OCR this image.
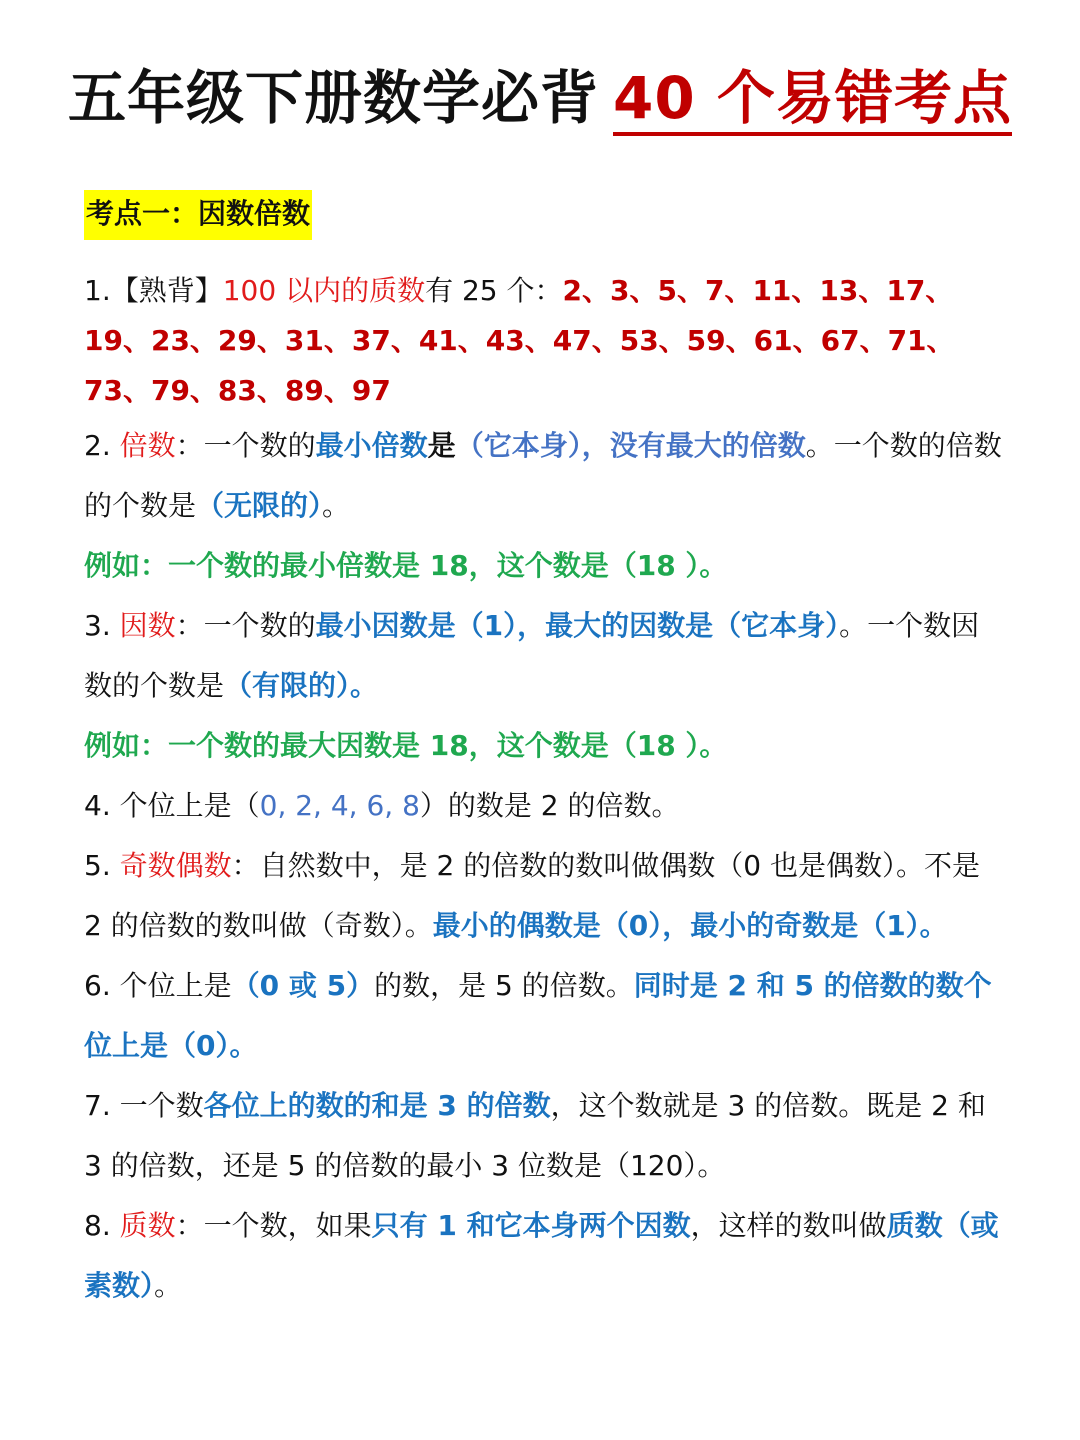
五年级下册数学必背 40 个易错考点
考点一：因数倍数

1.【熟背】100 以内的质数有 25 个：2、3、5、7、11、13、17、19、23、29、31、37、41、43、47、53、59、61、67、71、73、79、83、89、97

2. 倍数：一个数的最小倍数是（它本身），没有最大的倍数。一个数的倍数的个数是（无限的）。

例如：一个数的最小倍数是 18，这个数是（18 ）。

3. 因数：一个数的最小因数是（1），最大的因数是（它本身）。一个数因数的个数是（有限的）。

例如：一个数的最大因数是 18，这个数是（18 ）。

4. 个位上是（0, 2, 4, 6, 8）的数是 2 的倍数。

5. 奇数偶数：自然数中，是 2 的倍数的数叫做偶数（0 也是偶数）。不是 2 的倍数的数叫做（奇数）。最小的偶数是（0），最小的奇数是（1）。

6. 个位上是（0 或 5）的数，是 5 的倍数。同时是 2 和 5 的倍数的数个位上是（0）。

7. 一个数各位上的数的和是 3 的倍数，这个数就是 3 的倍数。既是 2 和 3 的倍数，还是 5 的倍数的最小 3 位数是（120）。

8. 质数：一个数，如果只有 1 和它本身两个因数，这样的数叫做质数（或素数）。
